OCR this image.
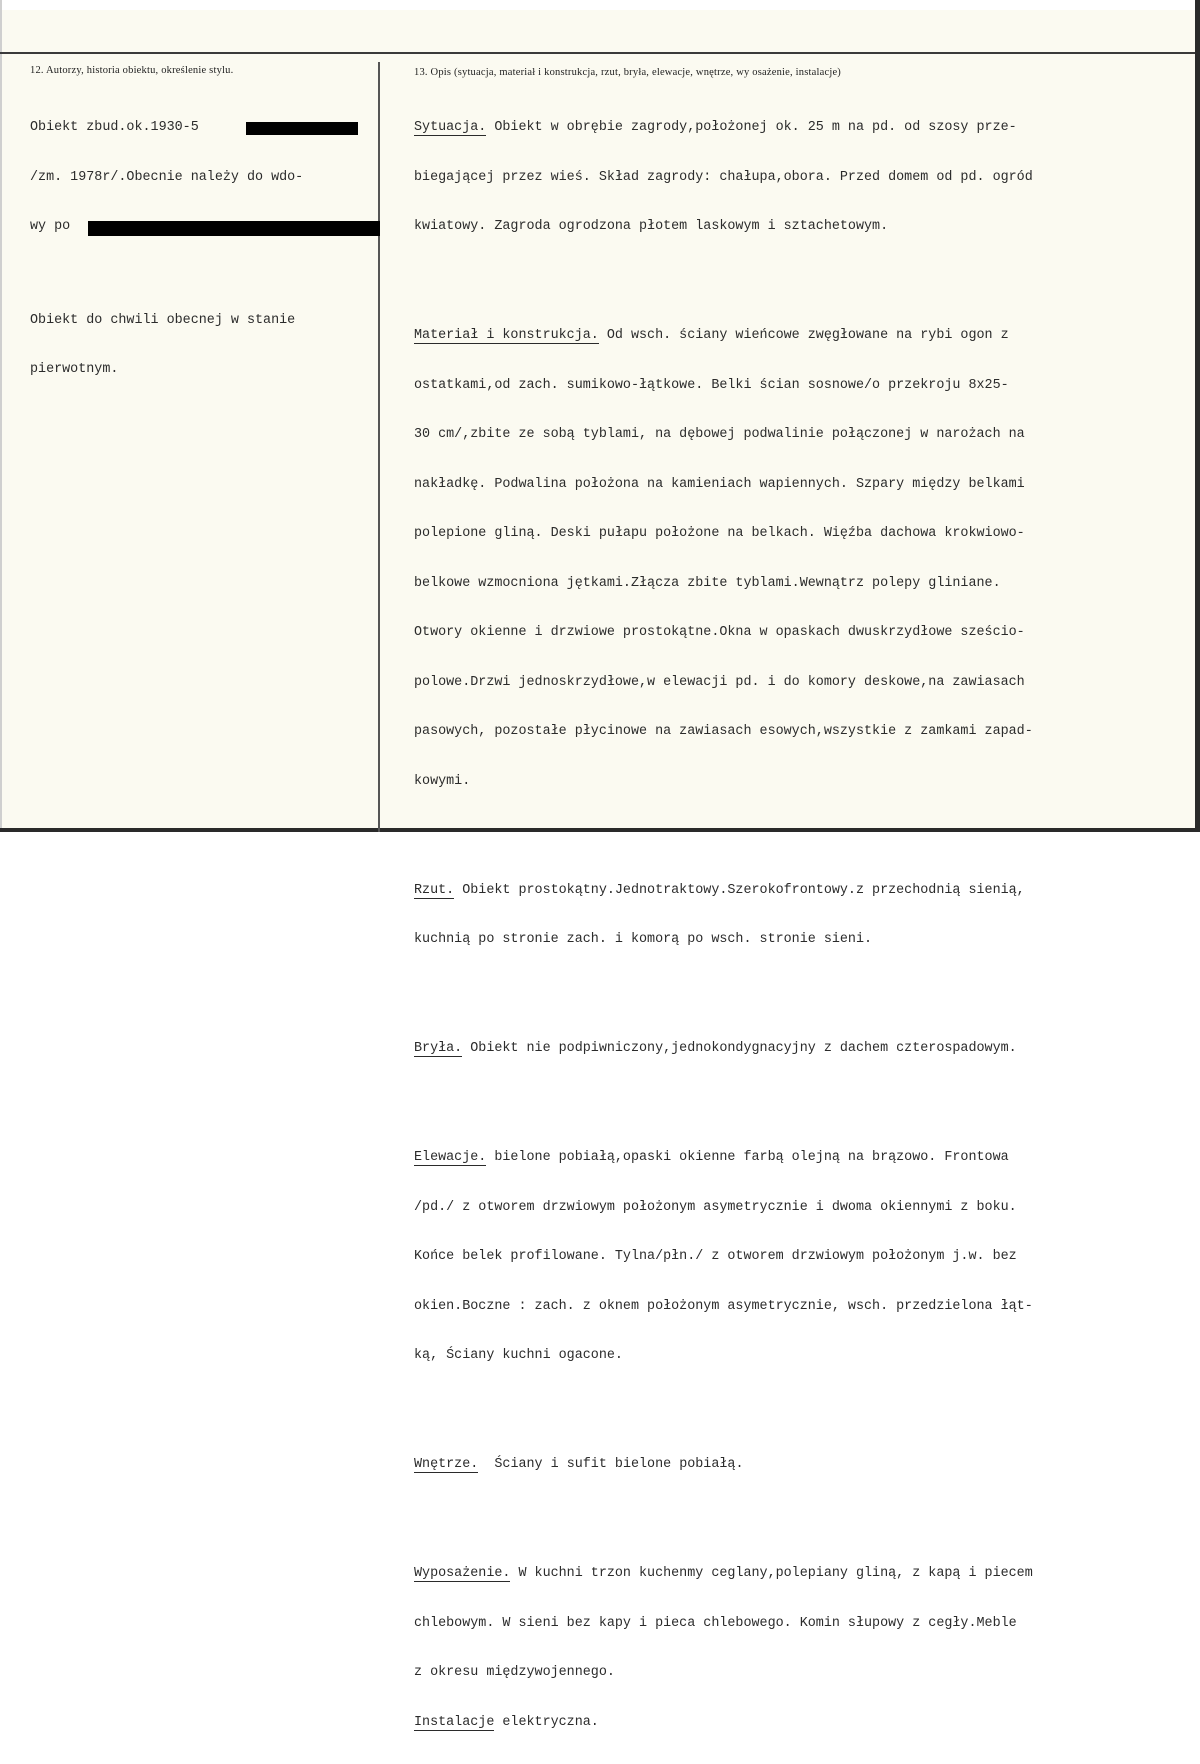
12. Autorzy, historia obiektu, określenie stylu.	13. Opis (sytuacja, materiał i konstrukcja, rzut, bryła, elewacje, wnętrze, wy osażenie, instalacje)

Obiekt zbud.ok.1930-5

/zm. 1978r/.Obecnie należy do wdo-

wy po

Obiekt do chwili obecnej w stanie

pierwotnym.

Sytuacja. Obiekt w obrębie zagrody,położonej ok. 25 m na pd. od szosy prze-

biegającej przez wieś. Skład zagrody: chałupa,obora. Przed domem od pd. ogród

kwiatowy. Zagroda ogrodzona płotem laskowym i sztachetowym.

Materiał i konstrukcja. Od wsch. ściany wieńcowe zwęgłowane na rybi ogon z

ostatkami,od zach. sumikowo-łątkowe. Belki ścian sosnowe/o przekroju 8x25-

30 cm/,zbite ze sobą tyblami, na dębowej podwalinie połączonej w narożach na

nakładkę. Podwalina położona na kamieniach wapiennych. Szpary między belkami

polepione gliną. Deski pułapu położone na belkach. Więźba dachowa krokwiowo-

belkowe wzmocniona jętkami.Złącza zbite tyblami.Wewnątrz polepy gliniane.

Otwory okienne i drzwiowe prostokątne.Okna w opaskach dwuskrzydłowe sześcio-

polowe.Drzwi jednoskrzydłowe,w elewacji pd. i do komory deskowe,na zawiasach

pasowych, pozostałe płycinowe na zawiasach esowych,wszystkie z zamkami zapad-

kowymi.

Rzut. Obiekt prostokątny.Jednotraktowy.Szerokofrontowy.z przechodnią sienią,

kuchnią po stronie zach. i komorą po wsch. stronie sieni.

Bryła. Obiekt nie podpiwniczony,jednokondygnacyjny z dachem czterospadowym.

Elewacje. bielone pobiałą,opaski okienne farbą olejną na brązowo. Frontowa

/pd./ z otworem drzwiowym położonym asymetrycznie i dwoma okiennymi z boku.

Końce belek profilowane. Tylna/płn./ z otworem drzwiowym położonym j.w. bez

okien.Boczne : zach. z oknem położonym asymetrycznie, wsch. przedzielona łąt-

ką, Ściany kuchni ogacone.

Wnętrze.  Ściany i sufit bielone pobiałą.

Wyposażenie. W kuchni trzon kuchenmy ceglany,polepiany gliną, z kapą i piecem

chlebowym. W sieni bez kapy i pieca chlebowego. Komin słupowy z cegły.Meble

z okresu międzywojennego.

Instalacje elektryczna.
